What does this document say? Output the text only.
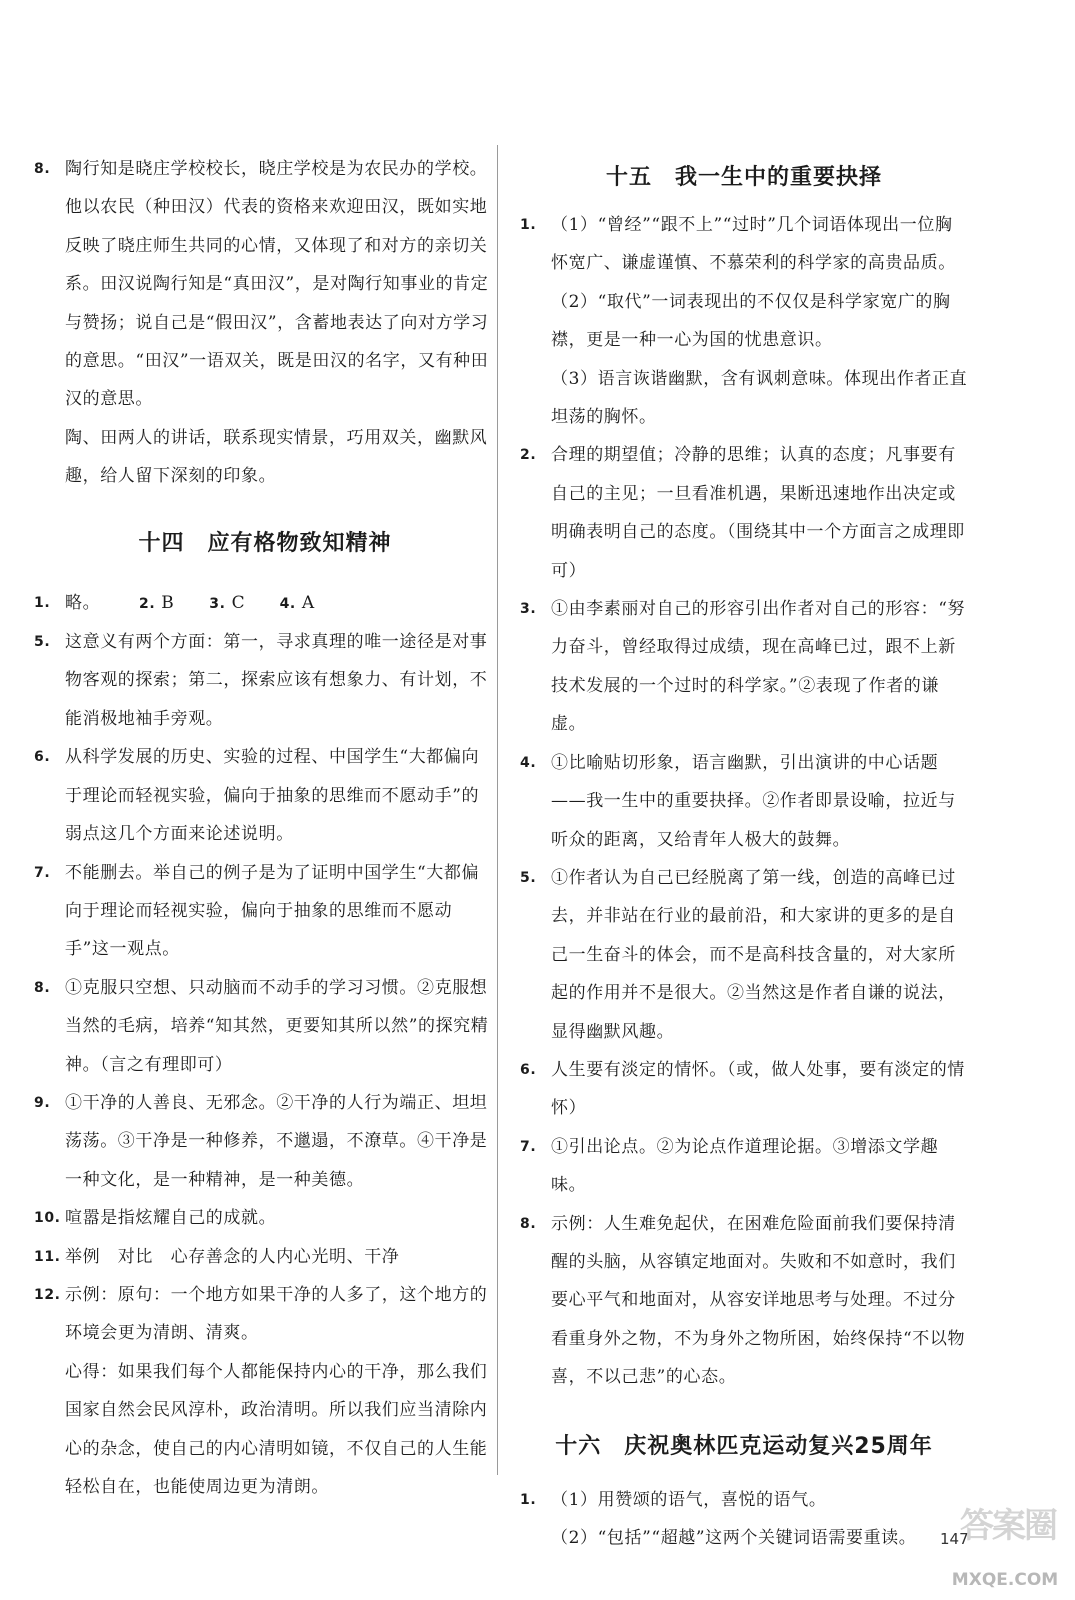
8. 陶行知是晓庄学校校长，晓庄学校是为农民办的学校。他以农民（种田汉）代表的资格来欢迎田汉，既如实地反映了晓庄师生共同的心情，又体现了和对方的亲切关系。田汉说陶行知是“真田汉”，是对陶行知事业的肯定与赞扬；说自己是“假田汉”，含蓄地表达了向对方学习的意思。“田汉”一语双关，既是田汉的名字，又有种田汉的意思。

陶、田两人的讲话，联系现实情景，巧用双关，幽默风趣，给人留下深刻的印象。

十四　应有格物致知精神
1. 略。	2. B 3. C 4. A
5. 这意义有两个方面：第一，寻求真理的唯一途径是对事物客观的探索；第二，探索应该有想象力、有计划，不能消极地袖手旁观。

6. 从科学发展的历史、实验的过程、中国学生“大都偏向于理论而轻视实验，偏向于抽象的思维而不愿动手”的弱点这几个方面来论述说明。

7. 不能删去。举自己的例子是为了证明中国学生“大都偏向于理论而轻视实验，偏向于抽象的思维而不愿动手”这一观点。

8. ①克服只空想、只动脑而不动手的学习习惯。②克服想当然的毛病，培养“知其然，更要知其所以然”的探究精神。（言之有理即可）

9. ①干净的人善良、无邪念。②干净的人行为端正、坦坦荡荡。③干净是一种修养，不邋遢，不潦草。④干净是一种文化，是一种精神，是一种美德。

10. 喧嚣是指炫耀自己的成就。

11. 举例　对比　心存善念的人内心光明、干净

12. 示例：原句：一个地方如果干净的人多了，这个地方的环境会更为清朗、清爽。

心得：如果我们每个人都能保持内心的干净，那么我们国家自然会民风淳朴，政治清明。所以我们应当清除内心的杂念，使自己的内心清明如镜，不仅自己的人生能轻松自在，也能使周边更为清朗。

十五　我一生中的重要抉择
1. （1）“曾经”“跟不上”“过时”几个词语体现出一位胸怀宽广、谦虚谨慎、不慕荣利的科学家的高贵品质。

（2）“取代”一词表现出的不仅仅是科学家宽广的胸襟，更是一种一心为国的忧患意识。

（3）语言诙谐幽默，含有讽刺意味。体现出作者正直坦荡的胸怀。

2. 合理的期望值；冷静的思维；认真的态度；凡事要有自己的主见；一旦看准机遇，果断迅速地作出决定或明确表明自己的态度。（围绕其中一个方面言之成理即可）

3. ①由李素丽对自己的形容引出作者对自己的形容：“努力奋斗，曾经取得过成绩，现在高峰已过，跟不上新技术发展的一个过时的科学家。”②表现了作者的谦虚。

4. ①比喻贴切形象，语言幽默，引出演讲的中心话题——我一生中的重要抉择。②作者即景设喻，拉近与听众的距离，又给青年人极大的鼓舞。

5. ①作者认为自己已经脱离了第一线，创造的高峰已过去，并非站在行业的最前沿，和大家讲的更多的是自己一生奋斗的体会，而不是高科技含量的，对大家所起的作用并不是很大。②当然这是作者自谦的说法，显得幽默风趣。

6. 人生要有淡定的情怀。（或，做人处事，要有淡定的情怀）

7. ①引出论点。②为论点作道理论据。③增添文学趣味。

8. 示例：人生难免起伏，在困难危险面前我们要保持清醒的头脑，从容镇定地面对。失败和不如意时，我们要心平气和地面对，从容安详地思考与处理。不过分看重身外之物，不为身外之物所困，始终保持“不以物喜，不以己悲”的心态。

十六　庆祝奥林匹克运动复兴25周年
1. （1）用赞颂的语气，喜悦的语气。

（2）“包括”“超越”这两个关键词语需要重读。	147
答案圈
MXQE.COM
